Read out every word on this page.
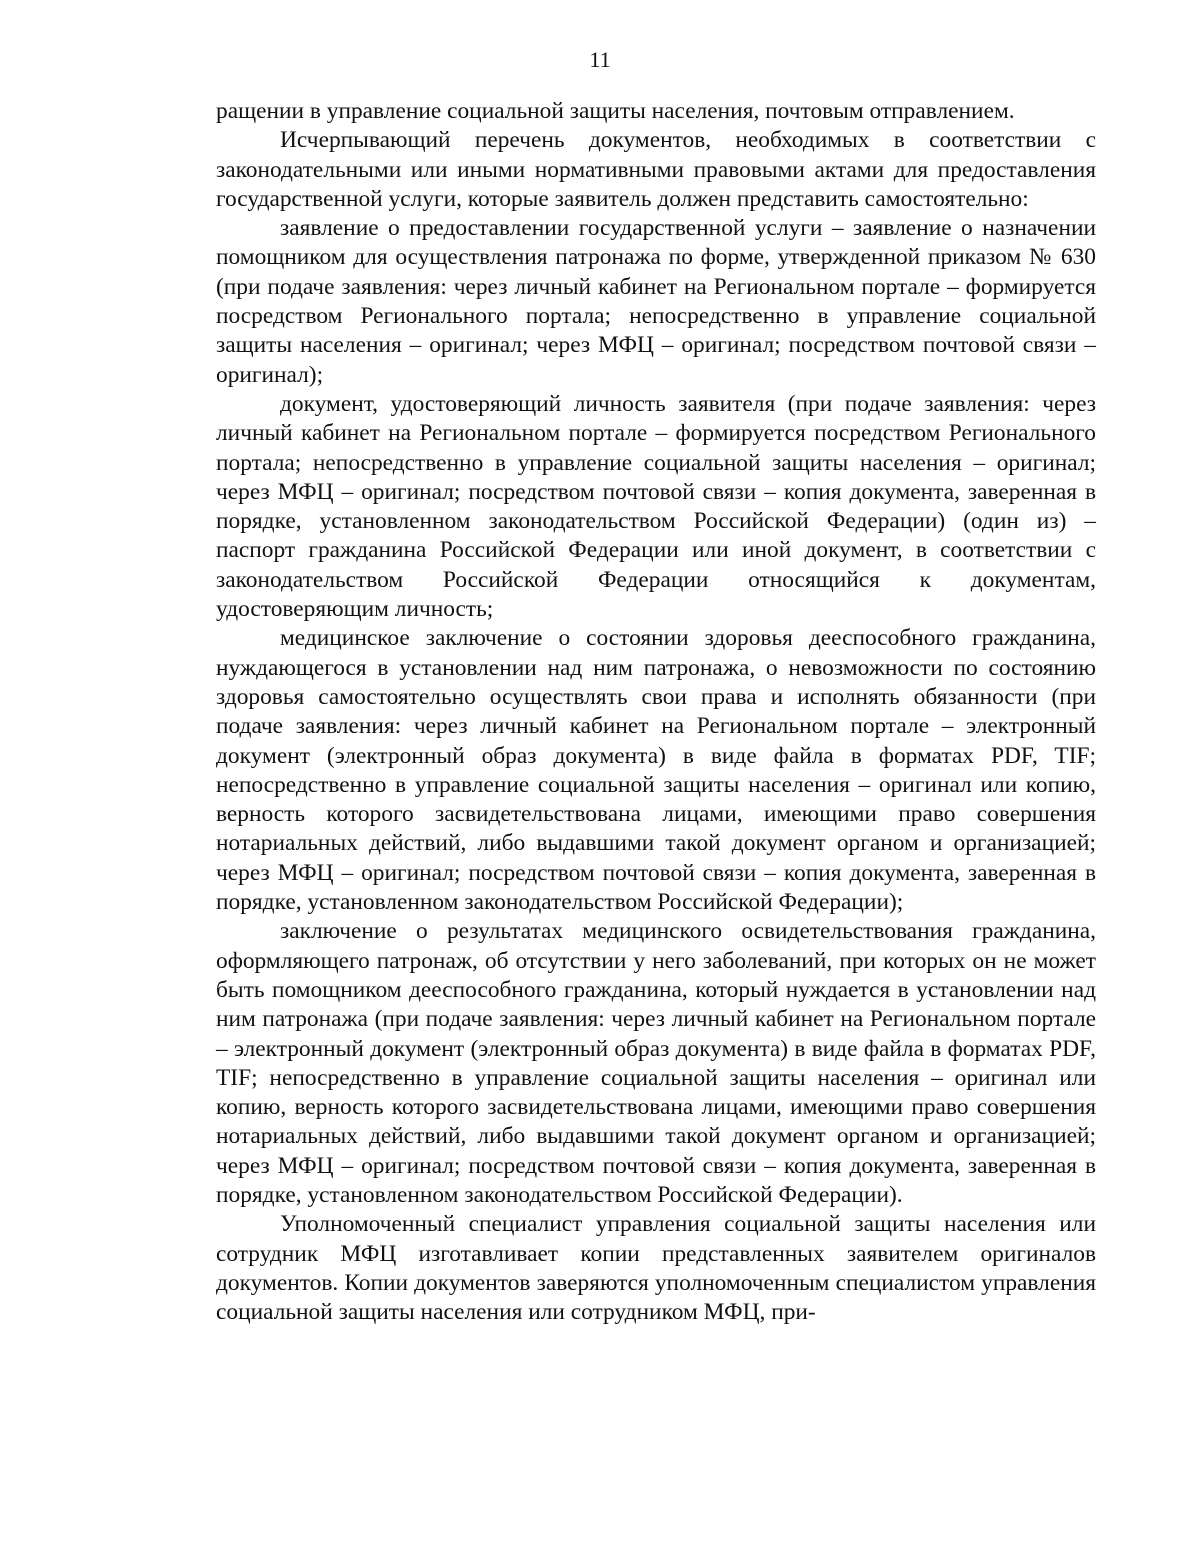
11

ращении в управление социальной защиты населения, почтовым отправлением.

Исчерпывающий перечень документов, необходимых в соответствии с законодательными или иными нормативными правовыми актами для предоставления государственной услуги, которые заявитель должен представить самостоятельно:

заявление о предоставлении государственной услуги – заявление о назначении помощником для осуществления патронажа по форме, утвержденной приказом № 630 (при подаче заявления: через личный кабинет на Региональном портале – формируется посредством Регионального портала; непосредственно в управление социальной защиты населения – оригинал; через МФЦ – оригинал; посредством почтовой связи – оригинал);

документ, удостоверяющий личность заявителя (при подаче заявления: через личный кабинет на Региональном портале – формируется посредством Регионального портала; непосредственно в управление социальной защиты населения – оригинал; через МФЦ – оригинал; посредством почтовой связи – копия документа, заверенная в порядке, установленном законодательством Российской Федерации) (один из) – паспорт гражданина Российской Федерации или иной документ, в соответствии с законодательством Российской Федерации относящийся к документам, удостоверяющим личность;

медицинское заключение о состоянии здоровья дееспособного гражданина, нуждающегося в установлении над ним патронажа, о невозможности по состоянию здоровья самостоятельно осуществлять свои права и исполнять обязанности (при подаче заявления: через личный кабинет на Региональном портале – электронный документ (электронный образ документа) в виде файла в форматах PDF, TIF; непосредственно в управление социальной защиты населения – оригинал или копию, верность которого засвидетельствована лицами, имеющими право совершения нотариальных действий, либо выдавшими такой документ органом и организацией; через МФЦ – оригинал; посредством почтовой связи – копия документа, заверенная в порядке, установленном законодательством Российской Федерации);

заключение о результатах медицинского освидетельствования гражданина, оформляющего патронаж, об отсутствии у него заболеваний, при которых он не может быть помощником дееспособного гражданина, который нуждается в установлении над ним патронажа (при подаче заявления: через личный кабинет на Региональном портале – электронный документ (электронный образ документа) в виде файла в форматах PDF, TIF; непосредственно в управление социальной защиты населения – оригинал или копию, верность которого засвидетельствована лицами, имеющими право совершения нотариальных действий, либо выдавшими такой документ органом и организацией; через МФЦ – оригинал; посредством почтовой связи – копия документа, заверенная в порядке, установленном законодательством Российской Федерации).

Уполномоченный специалист управления социальной защиты населения или сотрудник МФЦ изготавливает копии представленных заявителем оригиналов документов. Копии документов заверяются уполномоченным специалистом управления социальной защиты населения или сотрудником МФЦ, при-
